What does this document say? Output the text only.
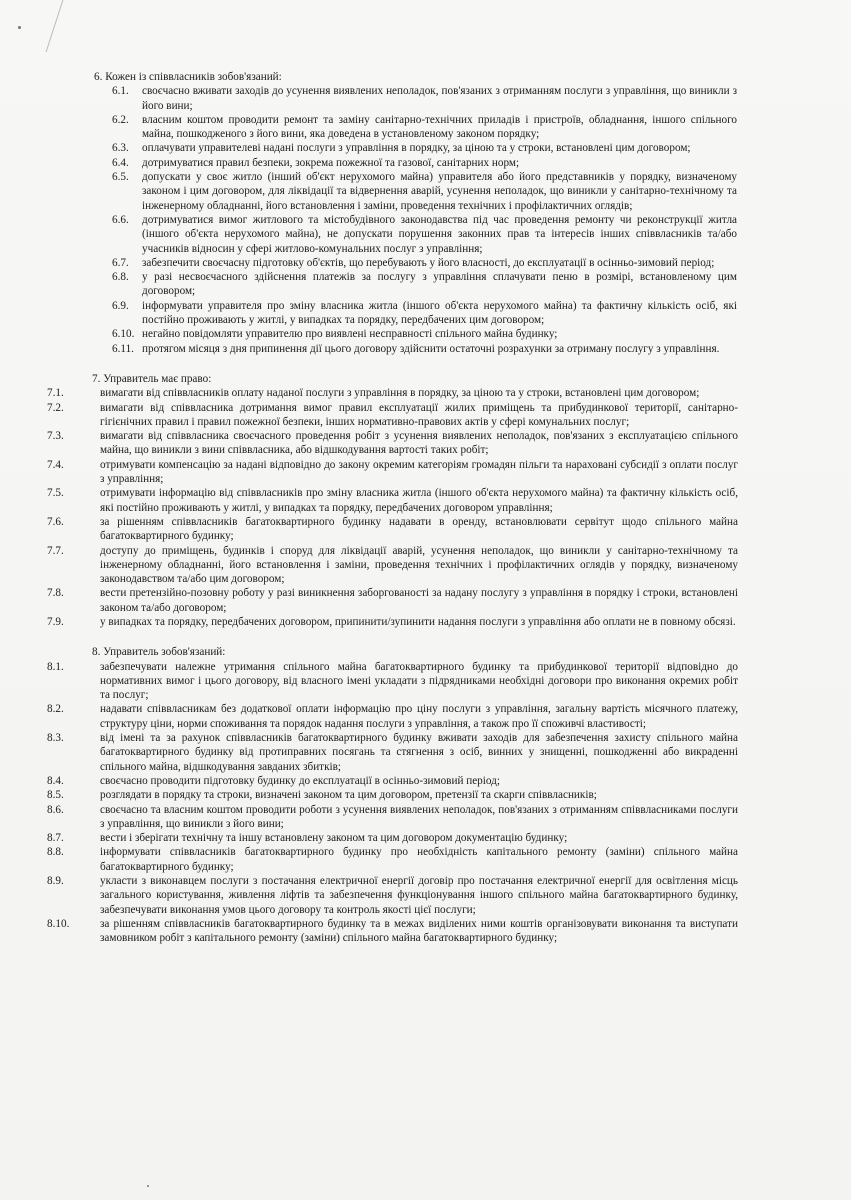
6. Кожен із співвласників зобов'язаний:
6.1. своєчасно вживати заходів до усунення виявлених неполадок, пов'язаних з отриманням послуги з управління, що виникли з його вини;
6.2. власним коштом проводити ремонт та заміну санітарно-технічних приладів і пристроїв, обладнання, іншого спільного майна, пошкодженого з його вини, яка доведена в установленому законом порядку;
6.3. оплачувати управителеві надані послуги з управління в порядку, за ціною та у строки, встановлені цим договором;
6.4. дотримуватися правил безпеки, зокрема пожежної та газової, санітарних норм;
6.5. допускати у своє житло (інший об'єкт нерухомого майна) управителя або його представників у порядку, визначеному законом і цим договором, для ліквідації та відвернення аварій, усунення неполадок, що виникли у санітарно-технічному та інженерному обладнанні, його встановлення і заміни, проведення технічних і профілактичних оглядів;
6.6. дотримуватися вимог житлового та містобудівного законодавства під час проведення ремонту чи реконструкції житла (іншого об'єкта нерухомого майна), не допускати порушення законних прав та інтересів інших співвласників та/або учасників відносин у сфері житлово-комунальних послуг з управління;
6.7. забезпечити своєчасну підготовку об'єктів, що перебувають у його власності, до експлуатації в осінньо-зимовий період;
6.8. у разі несвоєчасного здійснення платежів за послугу з управління сплачувати пеню в розмірі, встановленому цим договором;
6.9. інформувати управителя про зміну власника житла (іншого об'єкта нерухомого майна) та фактичну кількість осіб, які постійно проживають у житлі, у випадках та порядку, передбачених цим договором;
6.10. негайно повідомляти управителю про виявлені несправності спільного майна будинку;
6.11. протягом місяця з дня припинення дії цього договору здійснити остаточні розрахунки за отриману послугу з управління.
7. Управитель має право:
7.1.	вимагати від співвласників оплату наданої послуги з управління в порядку, за ціною та у строки, встановлені цим договором;
7.2.	вимагати від співвласника дотримання вимог правил експлуатації жилих приміщень та прибудинкової території, санітарно-гігієнічних правил і правил пожежної безпеки, інших нормативно-правових актів у сфері комунальних послуг;
7.3.	вимагати від співвласника своєчасного проведення робіт з усунення виявлених неполадок, пов'язаних з експлуатацією спільного майна, що виникли з вини співвласника, або відшкодування вартості таких робіт;
7.4.	отримувати компенсацію за надані відповідно до закону окремим категоріям громадян пільги та нараховані субсидії з оплати послуг з управління;
7.5.	отримувати інформацію від співвласників про зміну власника житла (іншого об'єкта нерухомого майна) та фактичну кількість осіб, які постійно проживають у житлі, у випадках та порядку, передбачених договором управління;
7.6.	за рішенням співвласників багатоквартирного будинку надавати в оренду, встановлювати сервітут щодо спільного майна багатоквартирного будинку;
7.7.	доступу до приміщень, будинків і споруд для ліквідації аварій, усунення неполадок, що виникли у санітарно-технічному та інженерному обладнанні, його встановлення і заміни, проведення технічних і профілактичних оглядів у порядку, визначеному законодавством та/або цим договором;
7.8.	вести претензійно-позовну роботу у разі виникнення заборгованості за надану послугу з управління в порядку і строки, встановлені законом та/або договором;
7.9.	у випадках та порядку, передбачених договором, припинити/зупинити надання послуги з управління або оплати не в повному обсязі.
8. Управитель зобов'язаний:
8.1.	забезпечувати належне утримання спільного майна багатоквартирного будинку та прибудинкової території відповідно до нормативних вимог і цього договору, від власного імені укладати з підрядниками необхідні договори про виконання окремих робіт та послуг;
8.2.	надавати співвласникам без додаткової оплати інформацію про ціну послуги з управління, загальну вартість місячного платежу, структуру ціни, норми споживання та порядок надання послуги з управління, а також про її споживчі властивості;
8.3.	від імені та за рахунок співвласників багатоквартирного будинку вживати заходів для забезпечення захисту спільного майна багатоквартирного будинку від протиправних посягань та стягнення з осіб, винних у знищенні, пошкодженні або викраденні спільного майна, відшкодування завданих збитків;
8.4.	своєчасно проводити підготовку будинку до експлуатації в осінньо-зимовий період;
8.5.	розглядати в порядку та строки, визначені законом та цим договором, претензії та скарги співвласників;
8.6.	своєчасно та власним коштом проводити роботи з усунення виявлених неполадок, пов'язаних з отриманням співвласниками послуги з управління, що виникли з його вини;
8.7.	вести і зберігати технічну та іншу встановлену законом та цим договором документацію будинку;
8.8.	інформувати співвласників багатоквартирного будинку про необхідність капітального ремонту (заміни) спільного майна багатоквартирного будинку;
8.9.	укласти з виконавцем послуги з постачання електричної енергії договір про постачання електричної енергії для освітлення місць загального користування, живлення ліфтів та забезпечення функціонування іншого спільного майна багатоквартирного будинку, забезпечувати виконання умов цього договору та контроль якості цієї послуги;
8.10.	за рішенням співвласників багатоквартирного будинку та в межах виділених ними коштів організовувати виконання та виступати замовником робіт з капітального ремонту (заміни) спільного майна багатоквартирного будинку;
